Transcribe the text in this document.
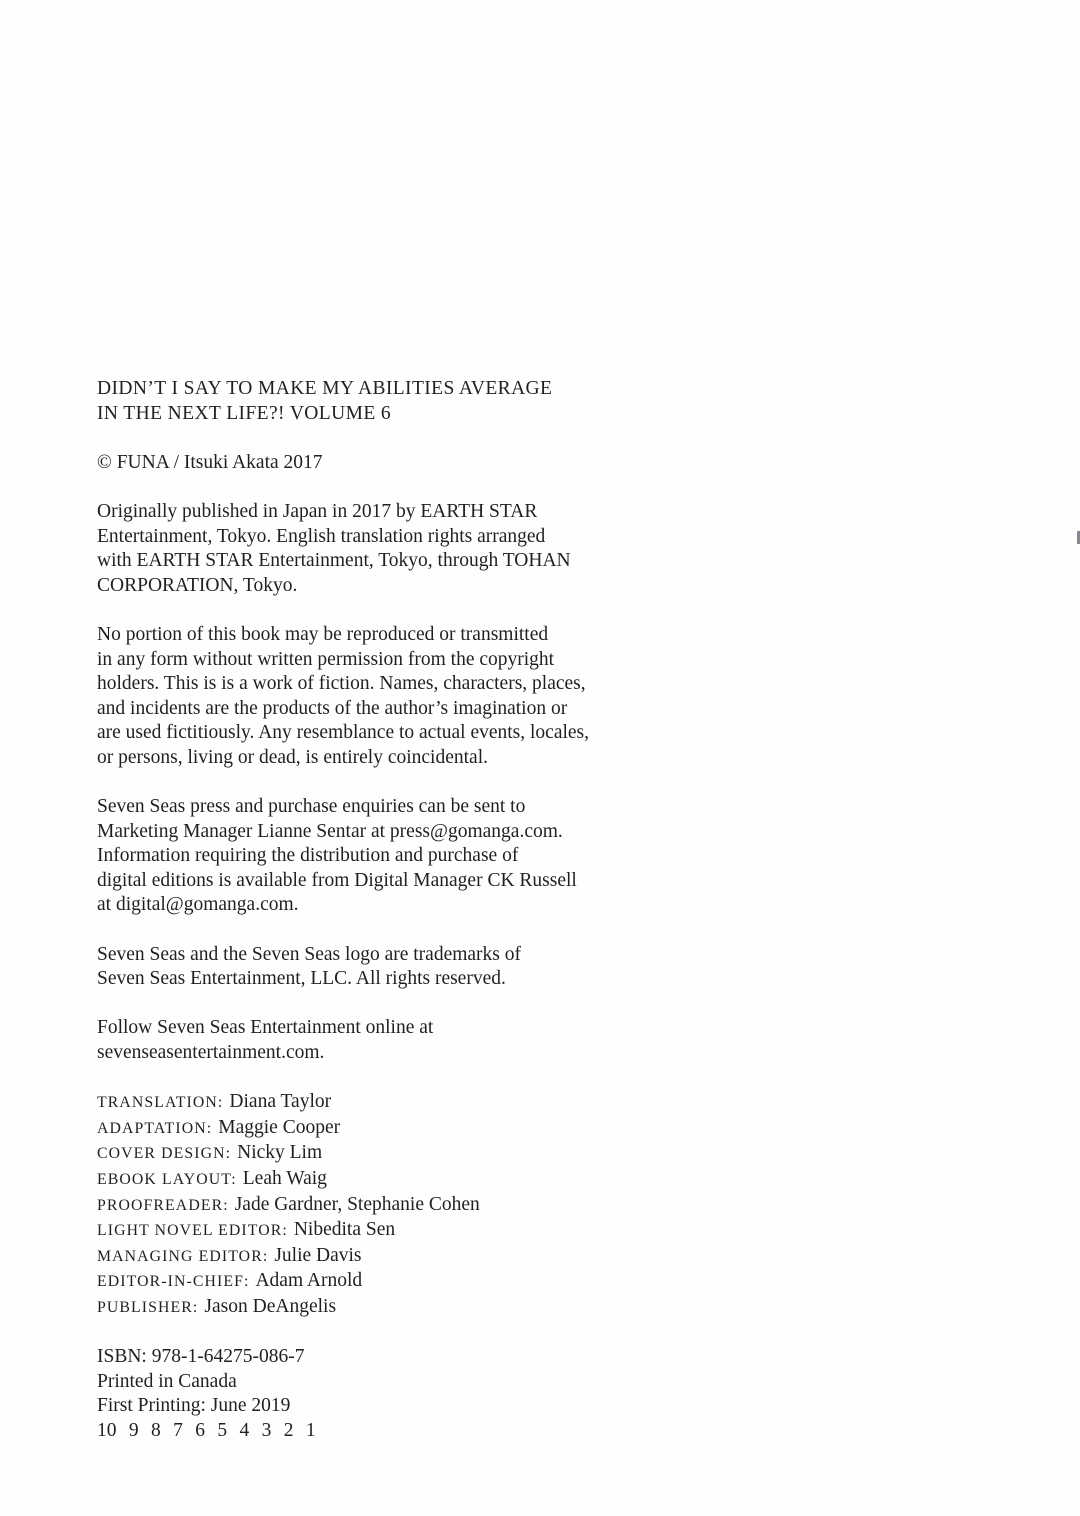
DIDN’T I SAY TO MAKE MY ABILITIES AVERAGE
IN THE NEXT LIFE?! VOLUME 6
© FUNA / Itsuki Akata 2017
Originally published in Japan in 2017 by EARTH STAR
Entertainment, Tokyo. English translation rights arranged
with EARTH STAR Entertainment, Tokyo, through TOHAN
CORPORATION, Tokyo.
No portion of this book may be reproduced or transmitted
in any form without written permission from the copyright
holders. This is is a work of fiction. Names, characters, places,
and incidents are the products of the author’s imagination or
are used fictitiously. Any resemblance to actual events, locales,
or persons, living or dead, is entirely coincidental.
Seven Seas press and purchase enquiries can be sent to
Marketing Manager Lianne Sentar at press@gomanga.com.
Information requiring the distribution and purchase of
digital editions is available from Digital Manager CK Russell
at digital@gomanga.com.
Seven Seas and the Seven Seas logo are trademarks of
Seven Seas Entertainment, LLC. All rights reserved.
Follow Seven Seas Entertainment online at
sevenseasentertainment.com.
TRANSLATION: Diana Taylor
ADAPTATION: Maggie Cooper
COVER DESIGN: Nicky Lim
EBOOK LAYOUT: Leah Waig
PROOFREADER: Jade Gardner, Stephanie Cohen
LIGHT NOVEL EDITOR: Nibedita Sen
MANAGING EDITOR: Julie Davis
EDITOR-IN-CHIEF: Adam Arnold
PUBLISHER: Jason DeAngelis
ISBN: 978-1-64275-086-7
Printed in Canada
First Printing: June 2019
10 9 8 7 6 5 4 3 2 1
